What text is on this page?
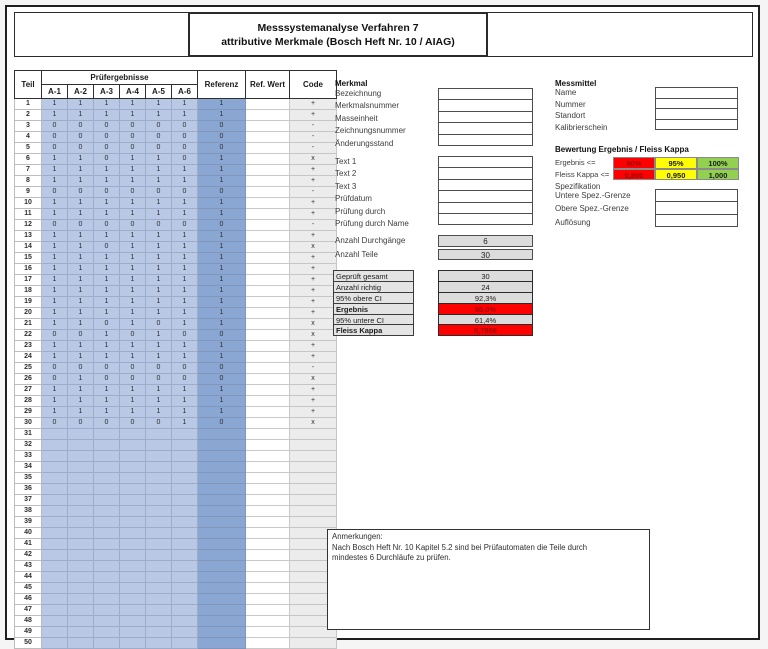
Messsystemanalyse Verfahren 7
attributive Merkmale (Bosch Heft Nr. 10 / AIAG)
Teil	Prüfergebnisse						Referenz	Ref. Wert	Code
	A-1	A-2	A-3	A-4	A-5	A-6			
1	1	1	1	1	1	1	1		+
2	1	1	1	1	1	1	1		+
3	0	0	0	0	0	0	0		-
4	0	0	0	0	0	0	0		-
5	0	0	0	0	0	0	0		-
6	1	1	0	1	1	0	1		x
7	1	1	1	1	1	1	1		+
8	1	1	1	1	1	1	1		+
9	0	0	0	0	0	0	0		-
10	1	1	1	1	1	1	1		+
11	1	1	1	1	1	1	1		+
12	0	0	0	0	0	0	0		-
13	1	1	1	1	1	1	1		+
14	1	1	0	1	1	1	1		x
15	1	1	1	1	1	1	1		+
16	1	1	1	1	1	1	1		+
17	1	1	1	1	1	1	1		+
18	1	1	1	1	1	1	1		+
19	1	1	1	1	1	1	1		+
20	1	1	1	1	1	1	1		+
21	1	1	0	1	0	1	1		x
22	0	0	1	0	1	0	0		x
23	1	1	1	1	1	1	1		+
24	1	1	1	1	1	1	1		+
25	0	0	0	0	0	0	0		-
26	0	1	0	0	0	0	0		x
27	1	1	1	1	1	1	1		+
28	1	1	1	1	1	1	1		+
29	1	1	1	1	1	1	1		+
30	0	0	0	0	0	1	0		x
31									
32									
33									
34									
35									
36									
37									
38									
39									
40									
41									
42									
43									
44									
45									
46									
47									
48									
49									
50									
Merkmal
Bezeichnung
Merkmalsnummer
Masseinheit
Zeichnungsnummer
Änderungsstand
Text 1
Text 2
Text 3
Prüfdatum
Prüfung durch
Prüfung durch Name
Messmittel
Name
Nummer
Standort
Kalibrierschein
Bewertung Ergebnis / Fleiss Kappa
Ergebnis <=	90%	95%	100%
Fleiss Kappa <=	0,800	0,950	1,000
Spezifikation
Untere Spez.-Grenze
Obere Spez.-Grenze
Auflösung
Anzahl Durchgänge	6
Anzahl Teile	30
Geprüft gesamt	30
Anzahl richtig	24
95% obere CI	92,3%
Ergebnis	80,0%
95% untere CI	61,4%
Fleiss Kappa	0,7856
Anmerkungen:
Nach Bosch Heft Nr. 10 Kapitel 5.2 sind bei Prüfautomaten die Teile durch
mindestes 6 Durchläufe zu prüfen.
